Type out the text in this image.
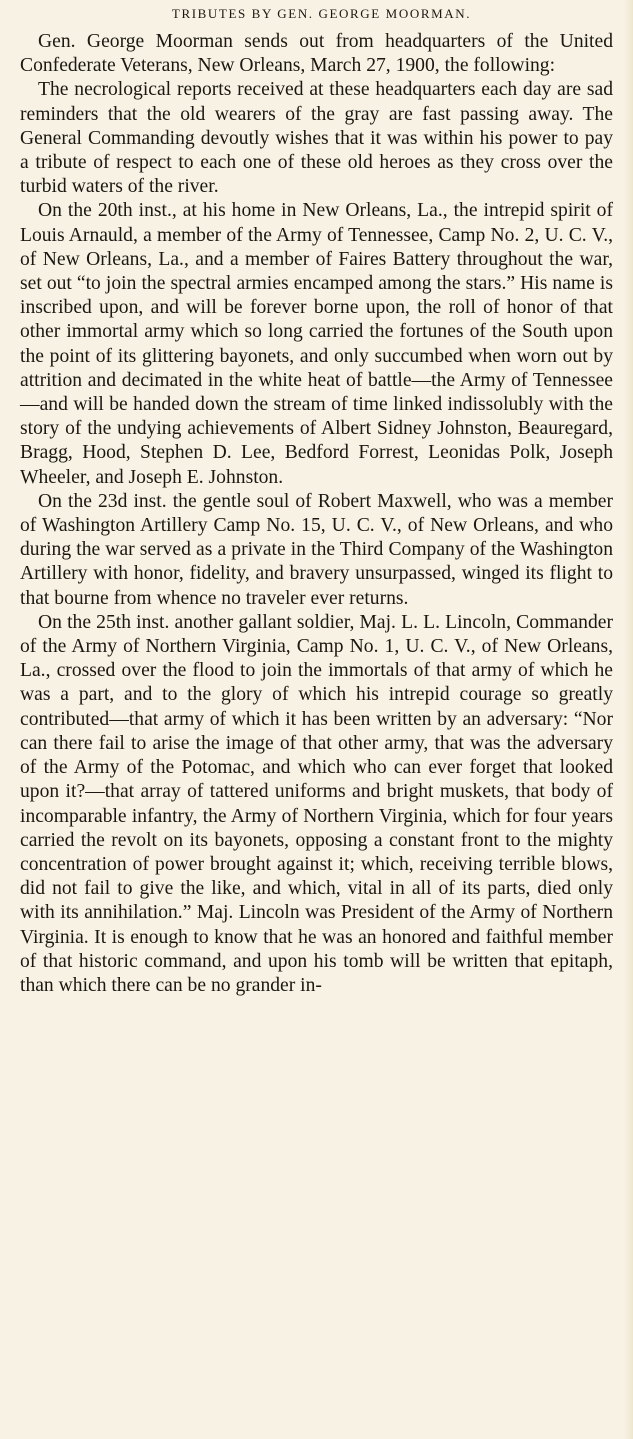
TRIBUTES BY GEN. GEORGE MOORMAN.

Gen. George Moorman sends out from headquarters of the United Confederate Veterans, New Orleans, March 27, 1900, the following:

The necrological reports received at these headquarters each day are sad reminders that the old wearers of the gray are fast passing away. The General Commanding devoutly wishes that it was within his power to pay a tribute of respect to each one of these old heroes as they cross over the turbid waters of the river.

On the 20th inst., at his home in New Orleans, La., the intrepid spirit of Louis Arnauld, a member of the Army of Tennessee, Camp No. 2, U. C. V., of New Orleans, La., and a member of Faires Battery throughout the war, set out “to join the spectral armies encamped among the stars.” His name is inscribed upon, and will be forever borne upon, the roll of honor of that other immortal army which so long carried the fortunes of the South upon the point of its glittering bayonets, and only succumbed when worn out by attrition and decimated in the white heat of battle—the Army of Tennessee—and will be handed down the stream of time linked indissolubly with the story of the undying achievements of Albert Sidney Johnston, Beauregard, Bragg, Hood, Stephen D. Lee, Bedford Forrest, Leonidas Polk, Joseph Wheeler, and Joseph E. Johnston.

On the 23d inst. the gentle soul of Robert Maxwell, who was a member of Washington Artillery Camp No. 15, U. C. V., of New Orleans, and who during the war served as a private in the Third Company of the Washington Artillery with honor, fidelity, and bravery unsurpassed, winged its flight to that bourne from whence no traveler ever returns.

On the 25th inst. another gallant soldier, Maj. L. L. Lincoln, Commander of the Army of Northern Virginia, Camp No. 1, U. C. V., of New Orleans, La., crossed over the flood to join the immortals of that army of which he was a part, and to the glory of which his intrepid courage so greatly contributed—that army of which it has been written by an adversary: “Nor can there fail to arise the image of that other army, that was the adversary of the Army of the Potomac, and which who can ever forget that looked upon it?—that array of tattered uniforms and bright muskets, that body of incomparable infantry, the Army of Northern Virginia, which for four years carried the revolt on its bayonets, opposing a constant front to the mighty concentration of power brought against it; which, receiving terrible blows, did not fail to give the like, and which, vital in all of its parts, died only with its annihilation.” Maj. Lincoln was President of the Army of Northern Virginia. It is enough to know that he was an honored and faithful member of that historic command, and upon his tomb will be written that epitaph, than which there can be no grander in-
